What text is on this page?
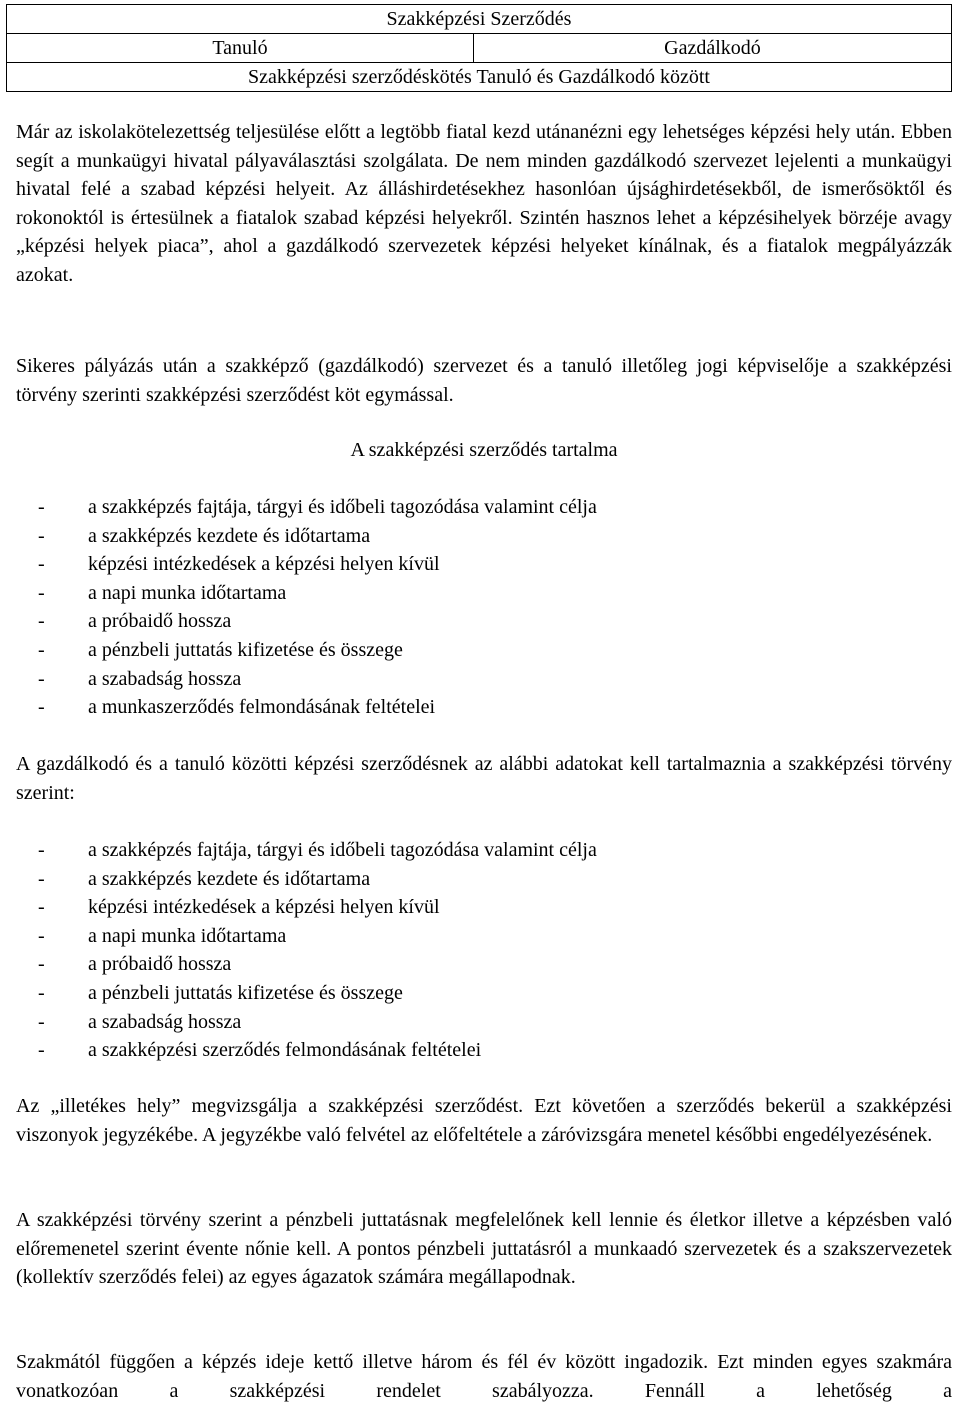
Szakképzési Szerződés
Tanuló	Gazdálkodó
Szakképzési szerződéskötés Tanuló és Gazdálkodó között

Már az iskolakötelezettség teljesülése előtt a legtöbb fiatal kezd utánanézni egy lehetséges képzési hely után. Ebben segít a munkaügyi hivatal pályaválasztási szolgálata. De nem minden gazdálkodó szervezet lejelenti a munkaügyi hivatal felé a szabad képzési helyeit. Az álláshirdetésekhez hasonlóan újsághirdetésekből, de ismerősöktől és rokonoktól is értesülnek a fiatalok szabad képzési helyekről. Szintén hasznos lehet a képzésihelyek börzéje avagy „képzési helyek piaca”, ahol a gazdálkodó szervezetek képzési helyeket kínálnak, és a fiatalok megpályázzák azokat.

Sikeres pályázás után a szakképző (gazdálkodó) szervezet és a tanuló illetőleg jogi képviselője a szakképzési törvény szerinti szakképzési szerződést köt egymással.

A szakképzési szerződés tartalma
- a szakképzés fajtája, tárgyi és időbeli tagozódása valamint célja
- a szakképzés kezdete és időtartama
- képzési intézkedések a képzési helyen kívül
- a napi munka időtartama
- a próbaidő hossza
- a pénzbeli juttatás kifizetése és összege
- a szabadság hossza
- a munkaszerződés felmondásának feltételei

A gazdálkodó és a tanuló közötti képzési szerződésnek az alábbi adatokat kell tartalmaznia a szakképzési törvény szerint:

- a szakképzés fajtája, tárgyi és időbeli tagozódása valamint célja
- a szakképzés kezdete és időtartama
- képzési intézkedések a képzési helyen kívül
- a napi munka időtartama
- a próbaidő hossza
- a pénzbeli juttatás kifizetése és összege
- a szabadság hossza
- a szakképzési szerződés felmondásának feltételei

Az „illetékes hely” megvizsgálja a szakképzési szerződést. Ezt követően a szerződés bekerül a szakképzési viszonyok jegyzékébe. A jegyzékbe való felvétel az előfeltétele a záróvizsgára menetel későbbi engedélyezésének.

A szakképzési törvény szerint a pénzbeli juttatásnak megfelelőnek kell lennie és életkor illetve a képzésben való előremenetel szerint évente nőnie kell. A pontos pénzbeli juttatásról a munkaadó szervezetek és a szakszervezetek (kollektív szerződés felei) az egyes ágazatok számára megállapodnak.

Szakmától függően a képzés ideje kettő illetve három és fél év között ingadozik. Ezt minden egyes szakmára vonatkozóan a szakképzési rendelet szabályozza. Fennáll a lehetőség a
